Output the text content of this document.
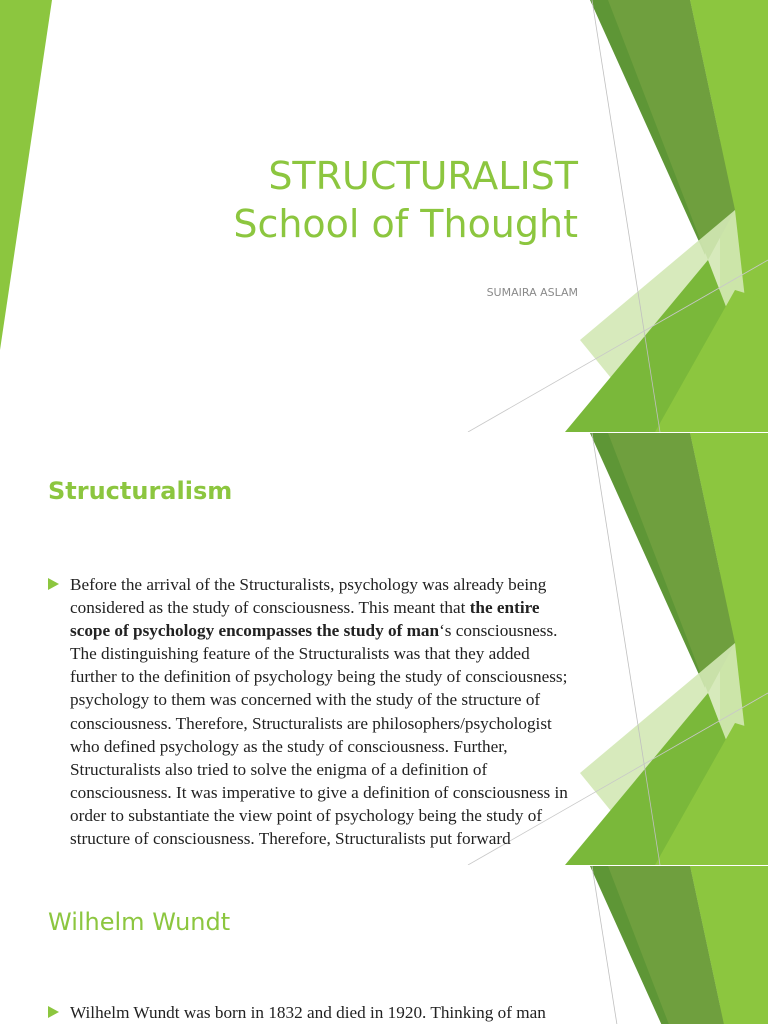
STRUCTURALIST
School of Thought
SUMAIRA ASLAM
Structuralism

Before the arrival of the Structuralists, psychology was already being considered as the study of consciousness. This meant that the entire scope of psychology encompasses the study of man‘s consciousness. The distinguishing feature of the Structuralists was that they added further to the definition of psychology being the study of consciousness; psychology to them was concerned with the study of the structure of consciousness. Therefore, Structuralists are philosophers/psychologist who defined psychology as the study of consciousness. Further, Structuralists also tried to solve the enigma of a definition of consciousness. It was imperative to give a definition of consciousness in order to substantiate the view point of psychology being the study of structure of consciousness. Therefore, Structuralists put forward

Wilhelm Wundt

Wilhelm Wundt was born in 1832 and died in 1920. Thinking of man
